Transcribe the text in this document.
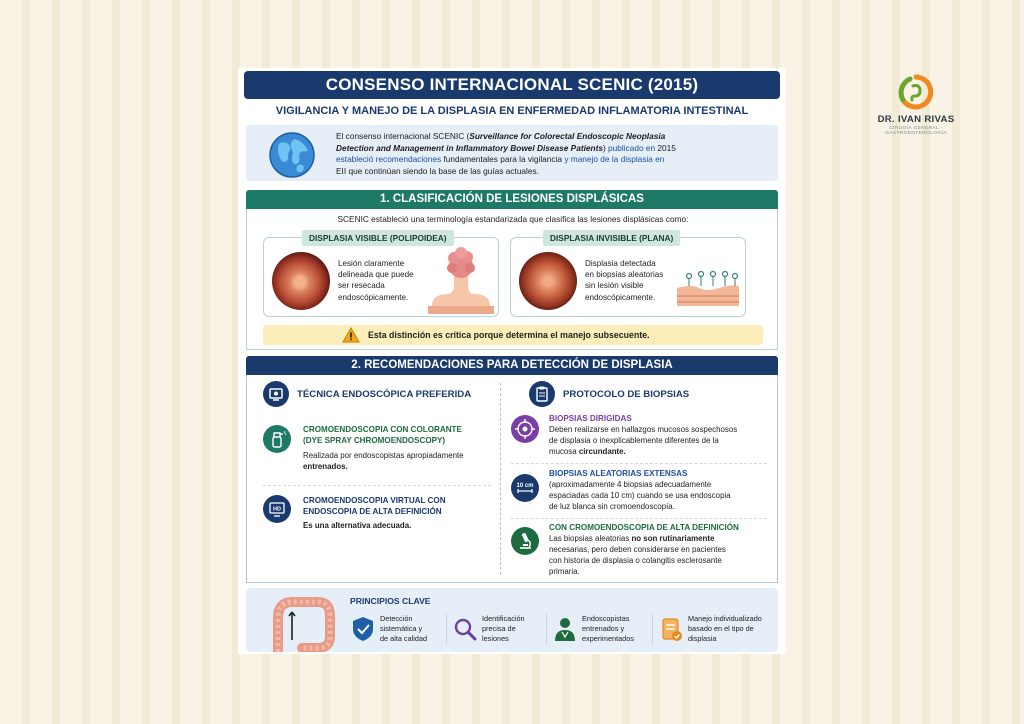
CONSENSO INTERNACIONAL SCENIC (2015)
VIGILANCIA Y MANEJO DE LA DISPLASIA EN ENFERMEDAD INFLAMATORIA INTESTINAL
El consenso internacional SCENIC (Surveillance for Colorectal Endoscopic Neoplasia
Detection and Management in Inflammatory Bowel Disease Patients) publicado en 2015
estableció recomendaciones fundamentales para la vigilancia y manejo de la displasia en
EII que continúan siendo la base de las guías actuales.
1. CLASIFICACIÓN DE LESIONES DISPLÁSICAS
SCENIC estableció una terminología estandarizada que clasifica las lesiones displásicas como:
DISPLASIA VISIBLE (POLIPOIDEA)
Lesión claramente
delineada que puede
ser resecada
endoscópicamente.
DISPLASIA INVISIBLE (PLANA)
Displasia detectada
en biopsias aleatorias
sin lesión visible
endoscópicamente.
Esta distinción es crítica porque determina el manejo subsecuente.
2. RECOMENDACIONES PARA DETECCIÓN DE DISPLASIA
TÉCNICA ENDOSCÓPICA PREFERIDA
CROMOENDOSCOPIA CON COLORANTE
(DYE SPRAY CHROMOENDOSCOPY)
Realizada por endoscopistas apropiadamente
entrenados.
HD
CROMOENDOSCOPIA VIRTUAL CON
ENDOSCOPIA DE ALTA DEFINICIÓN
Es una alternativa adecuada.
PROTOCOLO DE BIOPSIAS
BIOPSIAS DIRIGIDAS
Deben realizarse en hallazgos mucosos sospechosos
de displasia o inexplicablemente diferentes de la
mucosa circundante.
10 cm
BIOPSIAS ALEATORIAS EXTENSAS
(aproximadamente 4 biopsias adecuadamente
espaciadas cada 10 cm) cuando se usa endoscopia
de luz blanca sin cromoendoscopía.
CON CROMOENDOSCOPIA DE ALTA DEFINICIÓN
Las biopsias aleatorias no son rutinariamente
necesarias, pero deben considerarse en pacientes
con historia de displasia o colangitis esclerosante
primaria.
PRINCIPIOS CLAVE
Detección
sistemática y
de alta calidad
Identificación
precisa de
lesiones
Endoscopistas
entrenados y
experimentados
Manejo individualizado
basado en el tipo de
displasia
DR. IVAN RIVAS
CIRUGÍA GENERAL · GASTROENTEROLOGÍA
